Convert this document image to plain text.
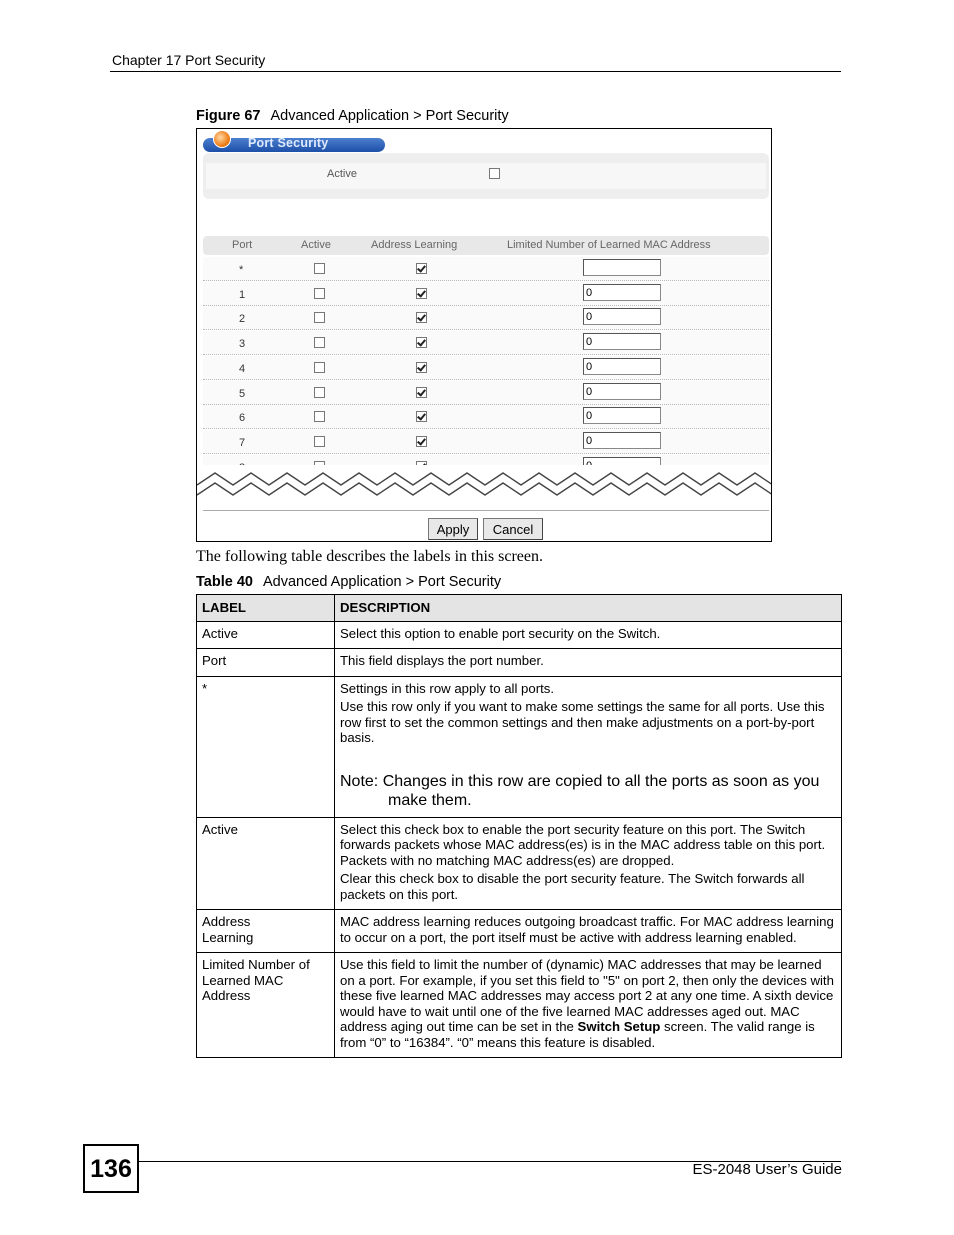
Chapter 17 Port Security
Figure 67 Advanced Application > Port Security
Port Security
Active
Port	Active	Address Learning	Limited Number of Learned MAC Address
*
1	0
2	0
3	0
4	0
5	0
6	0
7	0
Apply	Cancel
The following table describes the labels in this screen.
Table 40 Advanced Application > Port Security
LABEL	DESCRIPTION
Active	Select this option to enable port security on the Switch.

Port	This field displays the port number.

*	Settings in this row apply to all ports.

Use this row only if you want to make some settings the same for all ports. Use this row first to set the common settings and then make adjustments on a port-by-port basis.

Note: Changes in this row are copied to all the ports as soon as you make them.

Active	Select this check box to enable the port security feature on this port. The Switch forwards packets whose MAC address(es) is in the MAC address table on this port. Packets with no matching MAC address(es) are dropped.

Clear this check box to disable the port security feature. The Switch forwards all packets on this port.

Address Learning	MAC address learning reduces outgoing broadcast traffic. For MAC address learning to occur on a port, the port itself must be active with address learning enabled.

Limited Number of Learned MAC Address	Use this field to limit the number of (dynamic) MAC addresses that may be learned on a port. For example, if you set this field to "5" on port 2, then only the devices with these five learned MAC addresses may access port 2 at any one time. A sixth device would have to wait until one of the five learned MAC addresses aged out. MAC address aging out time can be set in the Switch Setup screen. The valid range is from “0” to “16384”. “0” means this feature is disabled.

136	ES-2048 User’s Guide
